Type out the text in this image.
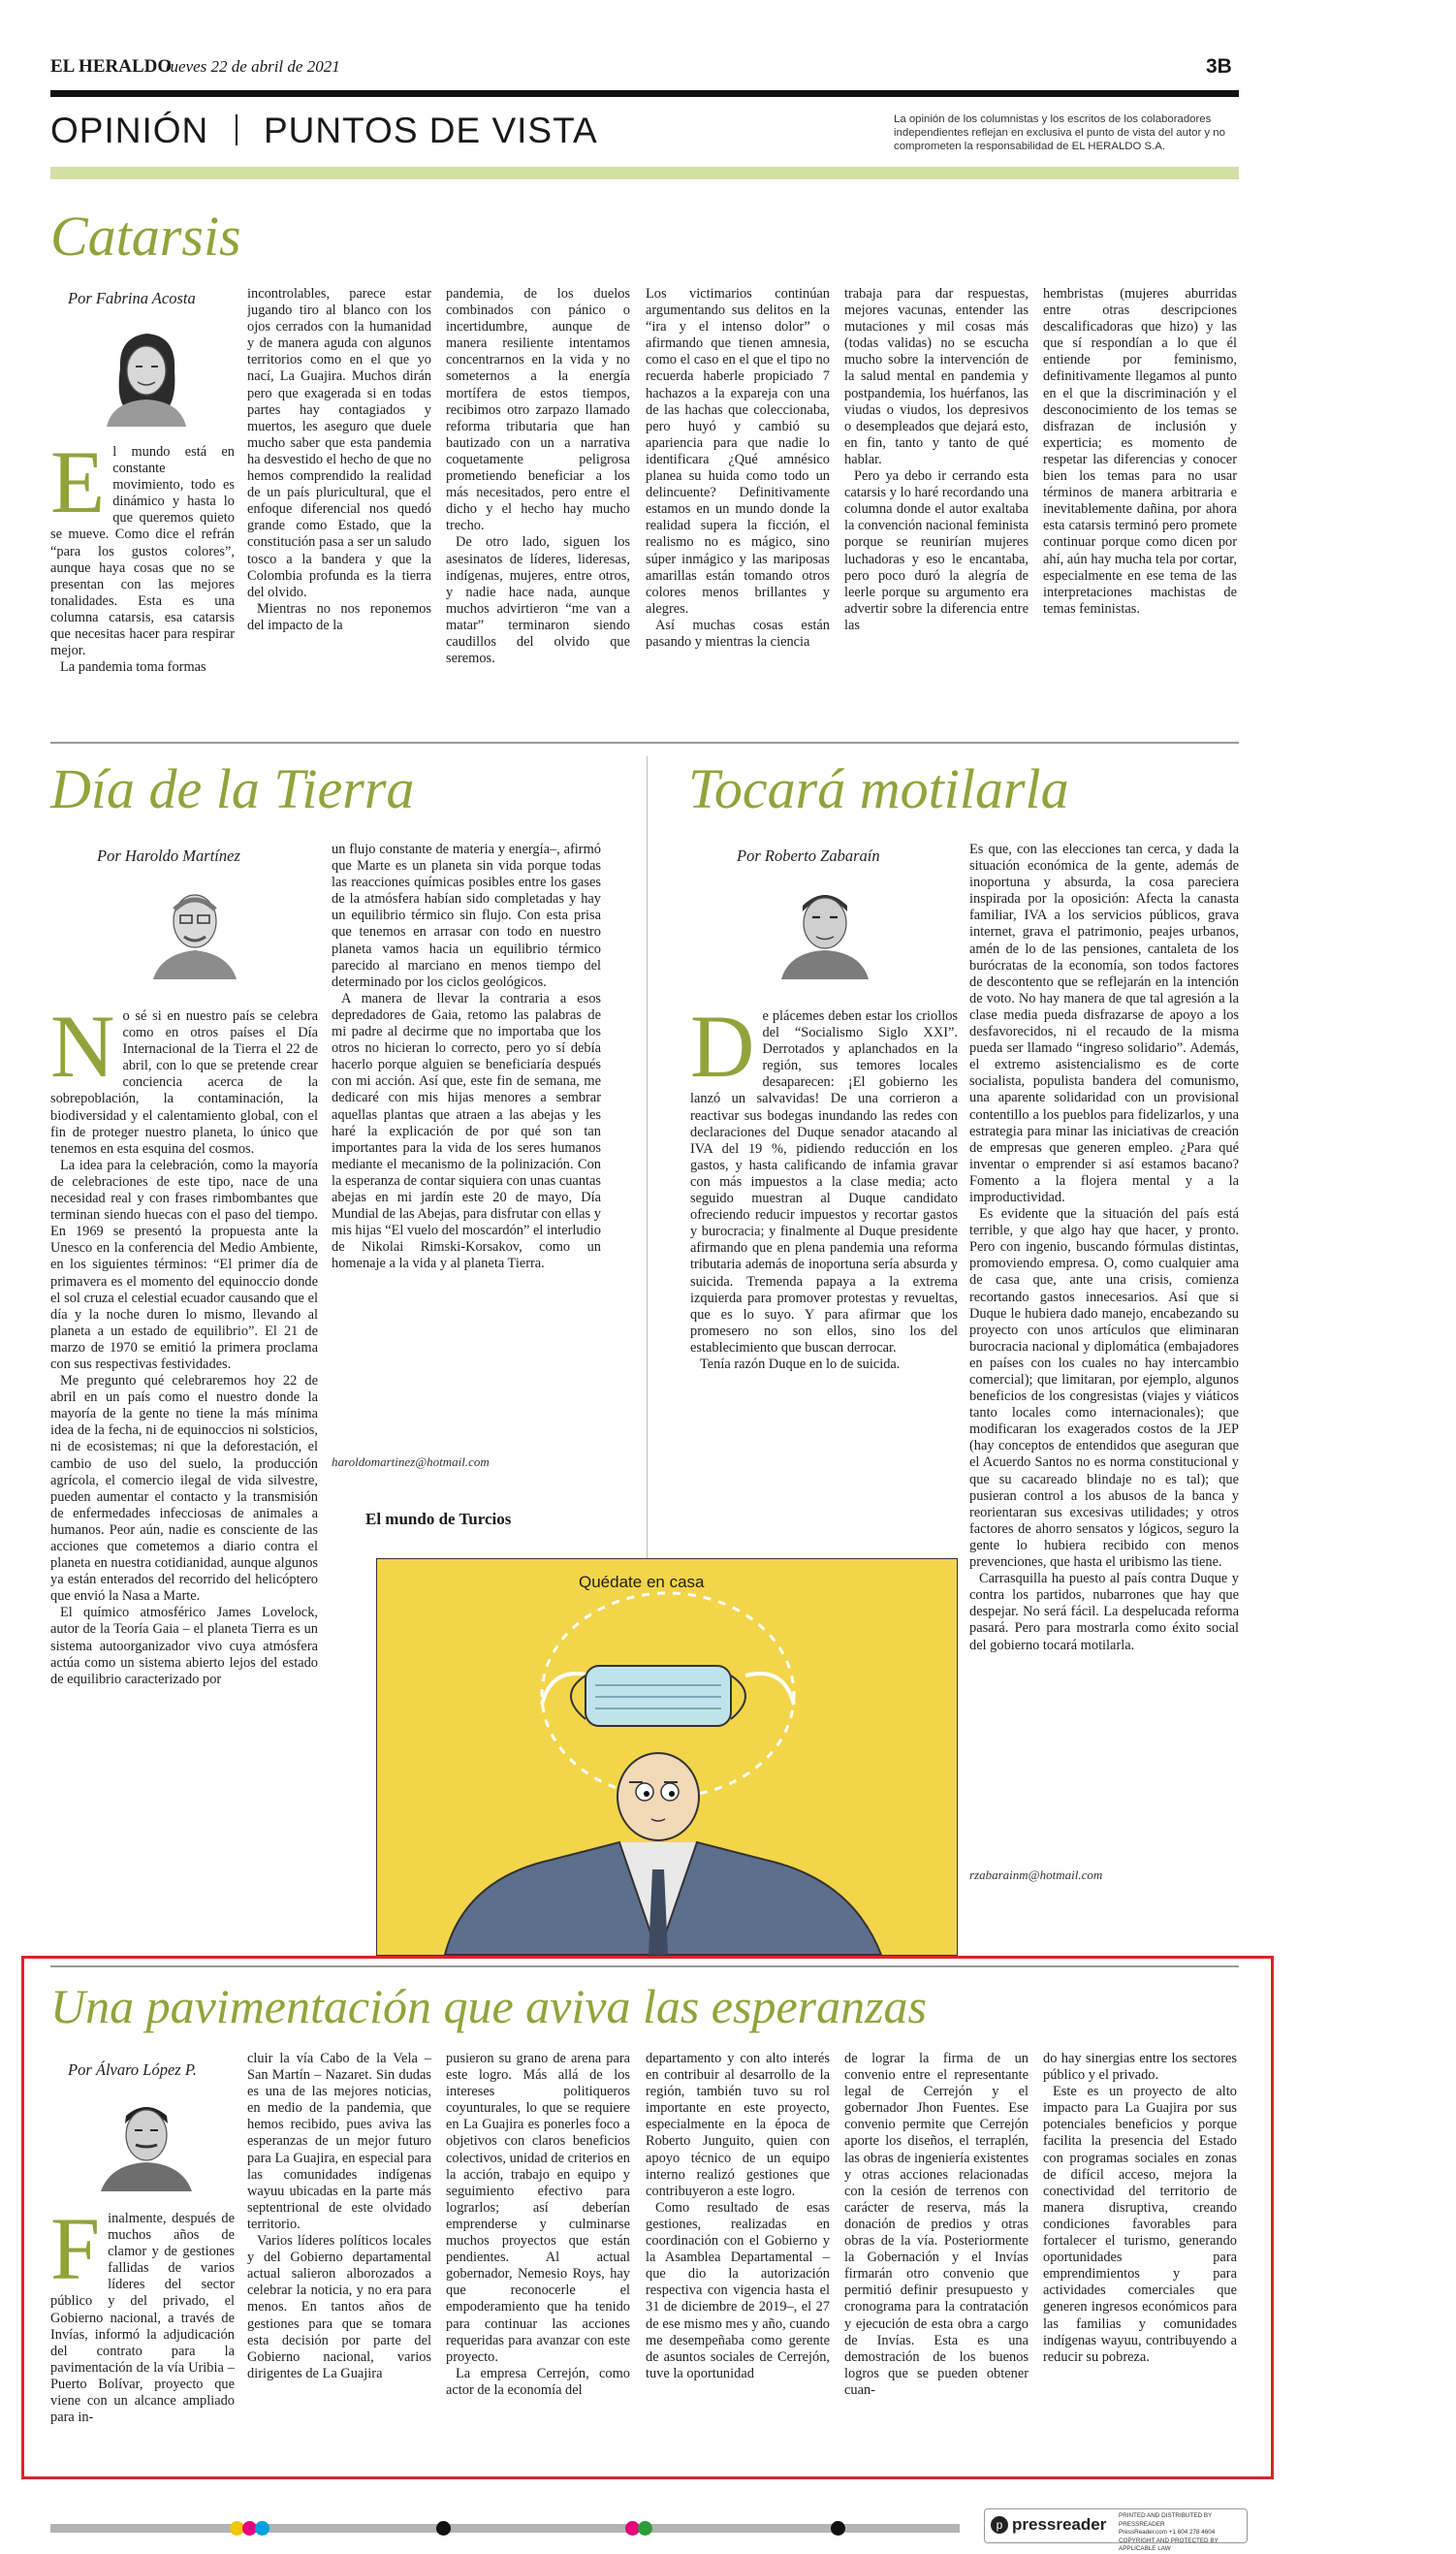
EL HERALDO
Jueves 22 de abril de 2021	3B
OPINIÓN PUNTOS DE VISTA	La opinión de los columnistas y los escritos de los colaboradores independientes reflejan en exclusiva el punto de vista del autor y no comprometen la responsabilidad de EL HERALDO S.A.
Catarsis
Por Fabrina Acosta
E l mundo está en constante movimiento, todo es dinámico y hasta lo que queremos quieto se mueve. Como dice el refrán “para los gustos colores”, aunque haya cosas que no se presentan con las mejores tonalidades. Esta es una columna catarsis, esa catarsis que necesitas hacer para respirar mejor.

La pandemia toma formas

incontrolables, parece estar jugando tiro al blanco con los ojos cerrados con la humanidad y de manera aguda con algunos territorios como en el que yo nací, La Guajira. Muchos dirán pero que exagerada si en todas partes hay contagiados y muertos, les aseguro que duele mucho saber que esta pandemia ha desvestido el hecho de que no hemos comprendido la realidad de un país pluricultural, que el enfoque diferencial nos quedó grande como Estado, que la constitución pasa a ser un saludo tosco a la bandera y que la Colombia profunda es la tierra del olvido.

Mientras no nos reponemos del impacto de la

pandemia, de los duelos combinados con pánico o incertidumbre, aunque de manera resiliente intentamos concentrarnos en la vida y no someternos a la energía mortífera de estos tiempos, recibimos otro zarpazo llamado reforma tributaria que han bautizado con un a narrativa coquetamente peligrosa prometiendo beneficiar a los más necesitados, pero entre el dicho y el hecho hay mucho trecho.

De otro lado, siguen los asesinatos de líderes, lideresas, indígenas, mujeres, entre otros, y nadie hace nada, aunque muchos advirtieron “me van a matar” terminaron siendo caudillos del olvido que seremos.

Los victimarios continúan argumentando sus delitos en la “ira y el intenso dolor” o afirmando que tienen amnesia, como el caso en el que el tipo no recuerda haberle propiciado 7 hachazos a la expareja con una de las hachas que coleccionaba, pero huyó y cambió su apariencia para que nadie lo identificara ¿Qué amnésico planea su huida como todo un delincuente? Definitivamente estamos en un mundo donde la realidad supera la ficción, el realismo no es mágico, sino súper inmágico y las mariposas amarillas están tomando otros colores menos brillantes y alegres.

Así muchas cosas están pasando y mientras la ciencia

trabaja para dar respuestas, mejores vacunas, entender las mutaciones y mil cosas más (todas validas) no se escucha mucho sobre la intervención de la salud mental en pandemia y postpandemia, los huérfanos, las viudas o viudos, los depresivos o desempleados que dejará esto, en fin, tanto y tanto de qué hablar.

Pero ya debo ir cerrando esta catarsis y lo haré recordando una columna donde el autor exaltaba la convención nacional feminista porque se reunirían mujeres luchadoras y eso le encantaba, pero poco duró la alegría de leerle porque su argumento era advertir sobre la diferencia entre las

hembristas (mujeres aburridas entre otras descripciones descalificadoras que hizo) y las que sí respondían a lo que él entiende por feminismo, definitivamente llegamos al punto en el que la discriminación y el desconocimiento de los temas se disfrazan de inclusión y experticia; es momento de respetar las diferencias y conocer bien los temas para no usar términos de manera arbitraria e inevitablemente dañina, por ahora esta catarsis terminó pero promete continuar porque como dicen por ahí, aún hay mucha tela por cortar, especialmente en ese tema de las interpretaciones machistas de temas feministas.

Día de la Tierra
Por Haroldo Martínez
N o sé si en nuestro país se celebra como en otros países el Día Internacional de la Tierra el 22 de abril, con lo que se pretende crear conciencia acerca de la sobrepoblación, la contaminación, la biodiversidad y el calentamiento global, con el fin de proteger nuestro planeta, lo único que tenemos en esta esquina del cosmos.

La idea para la celebración, como la mayoría de celebraciones de este tipo, nace de una necesidad real y con frases rimbombantes que terminan siendo huecas con el paso del tiempo. En 1969 se presentó la propuesta ante la Unesco en la conferencia del Medio Ambiente, en los siguientes términos: “El primer día de primavera es el momento del equinoccio donde el sol cruza el celestial ecuador causando que el día y la noche duren lo mismo, llevando al planeta a un estado de equilibrio”. El 21 de marzo de 1970 se emitió la primera proclama con sus respectivas festividades.

Me pregunto qué celebraremos hoy 22 de abril en un país como el nuestro donde la mayoría de la gente no tiene la más mínima idea de la fecha, ni de equinoccios ni solsticios, ni de ecosistemas; ni que la deforestación, el cambio de uso del suelo, la producción agrícola, el comercio ilegal de vida silvestre, pueden aumentar el contacto y la transmisión de enfermedades infecciosas de animales a humanos. Peor aún, nadie es consciente de las acciones que cometemos a diario contra el planeta en nuestra cotidianidad, aunque algunos ya están enterados del recorrido del helicóptero que envió la Nasa a Marte.

El químico atmosférico James Lovelock, autor de la Teoría Gaia – el planeta Tierra es un sistema autoorganizador vivo cuya atmósfera actúa como un sistema abierto lejos del estado de equilibrio caracterizado por

un flujo constante de materia y energía–, afirmó que Marte es un planeta sin vida porque todas las reacciones químicas posibles entre los gases de la atmósfera habían sido completadas y hay un equilibrio térmico sin flujo. Con esta prisa que tenemos en arrasar con todo en nuestro planeta vamos hacia un equilibrio térmico parecido al marciano en menos tiempo del determinado por los ciclos geológicos.

A manera de llevar la contraria a esos depredadores de Gaia, retomo las palabras de mi padre al decirme que no importaba que los otros no hicieran lo correcto, pero yo sí debía hacerlo porque alguien se beneficiaría después con mi acción. Así que, este fin de semana, me dedicaré con mis hijas menores a sembrar aquellas plantas que atraen a las abejas y les haré la explicación de por qué son tan importantes para la vida de los seres humanos mediante el mecanismo de la polinización. Con la esperanza de contar siquiera con unas cuantas abejas en mi jardín este 20 de mayo, Día Mundial de las Abejas, para disfrutar con ellas y mis hijas “El vuelo del moscardón” el interludio de Nikolai Rimski-Korsakov, como un homenaje a la vida y al planeta Tierra.

haroldomartinez@hotmail.com
Tocará motilarla
Por Roberto Zabaraín
D e plácemes deben estar los criollos del “Socialismo Siglo XXI”. Derrotados y aplanchados en la región, sus temores locales desaparecen: ¡El gobierno les lanzó un salvavidas! De una corrieron a reactivar sus bodegas inundando las redes con declaraciones del Duque senador atacando al IVA del 19 %, pidiendo reducción en los gastos, y hasta calificando de infamia gravar con más impuestos a la clase media; acto seguido muestran al Duque candidato ofreciendo reducir impuestos y recortar gastos y burocracia; y finalmente al Duque presidente afirmando que en plena pandemia una reforma tributaria además de inoportuna sería absurda y suicida. Tremenda papaya a la extrema izquierda para promover protestas y revueltas, que es lo suyo. Y para afirmar que los promesero no son ellos, sino los del establecimiento que buscan derrocar.

Tenía razón Duque en lo de suicida.

Es que, con las elecciones tan cerca, y dada la situación económica de la gente, además de inoportuna y absurda, la cosa pareciera inspirada por la oposición: Afecta la canasta familiar, IVA a los servicios públicos, grava internet, grava el patrimonio, peajes urbanos, amén de lo de las pensiones, cantaleta de los burócratas de la economía, son todos factores de descontento que se reflejarán en la intención de voto. No hay manera de que tal agresión a la clase media pueda disfrazarse de apoyo a los desfavorecidos, ni el recaudo de la misma pueda ser llamado “ingreso solidario”. Además, el extremo asistencialismo es de corte socialista, populista bandera del comunismo, una aparente solidaridad con un provisional contentillo a los pueblos para fidelizarlos, y una estrategia para minar las iniciativas de creación de empresas que generen empleo. ¿Para qué inventar o emprender si así estamos bacano? Fomento a la flojera mental y a la improductividad.

Es evidente que la situación del país está terrible, y que algo hay que hacer, y pronto. Pero con ingenio, buscando fórmulas distintas, promoviendo empresa. O, como cualquier ama de casa que, ante una crisis, comienza recortando gastos innecesarios. Así que si Duque le hubiera dado manejo, encabezando su proyecto con unos artículos que eliminaran burocracia nacional y diplomática (embajadores en países con los cuales no hay intercambio comercial); que limitaran, por ejemplo, algunos beneficios de los congresistas (viajes y viáticos tanto locales como internacionales); que modificaran los exagerados costos de la JEP (hay conceptos de entendidos que aseguran que el Acuerdo Santos no es norma constitucional y que su cacareado blindaje no es tal); que pusieran control a los abusos de la banca y reorientaran sus excesivas utilidades; y otros factores de ahorro sensatos y lógicos, seguro la gente lo hubiera recibido con menos prevenciones, que hasta el uribismo las tiene.

Carrasquilla ha puesto al país contra Duque y contra los partidos, nubarrones que hay que despejar. No será fácil. La despelucada reforma pasará. Pero para mostrarla como éxito social del gobierno tocará motilarla.

rzabarainm@hotmail.com
El mundo de Turcios
Quédate en casa
Una pavimentación que aviva las esperanzas
Por Álvaro López P.
F inalmente, después de muchos años de clamor y de gestiones fallidas de varios líderes del sector público y del privado, el Gobierno nacional, a través de Invías, informó la adjudicación del contrato para la pavimentación de la vía Uribia – Puerto Bolívar, proyecto que viene con un alcance ampliado para in-

cluir la vía Cabo de la Vela – San Martín – Nazaret. Sin dudas es una de las mejores noticias, en medio de la pandemia, que hemos recibido, pues aviva las esperanzas de un mejor futuro para La Guajira, en especial para las comunidades indígenas wayuu ubicadas en la parte más septentrional de este olvidado territorio.

Varios líderes políticos locales y del Gobierno departamental actual salieron alborozados a celebrar la noticia, y no era para menos. En tantos años de gestiones para que se tomara esta decisión por parte del Gobierno nacional, varios dirigentes de La Guajira

pusieron su grano de arena para este logro. Más allá de los intereses politiqueros coyunturales, lo que se requiere en La Guajira es ponerles foco a objetivos con claros beneficios colectivos, unidad de criterios en la acción, trabajo en equipo y seguimiento efectivo para lograrlos; así deberían emprenderse y culminarse muchos proyectos que están pendientes. Al actual gobernador, Nemesio Roys, hay que reconocerle el empoderamiento que ha tenido para continuar las acciones requeridas para avanzar con este proyecto.

La empresa Cerrejón, como actor de la economía del

departamento y con alto interés en contribuir al desarrollo de la región, también tuvo su rol importante en este proyecto, especialmente en la época de Roberto Junguito, quien con apoyo técnico de un equipo interno realizó gestiones que contribuyeron a este logro.

Como resultado de esas gestiones, realizadas en coordinación con el Gobierno y la Asamblea Departamental –que dio la autorización respectiva con vigencia hasta el 31 de diciembre de 2019–, el 27 de ese mismo mes y año, cuando me desempeñaba como gerente de asuntos sociales de Cerrejón, tuve la oportunidad

de lograr la firma de un convenio entre el representante legal de Cerrejón y el gobernador Jhon Fuentes. Ese convenio permite que Cerrejón aporte los diseños, el terraplén, las obras de ingeniería existentes y otras acciones relacionadas con la cesión de terrenos con carácter de reserva, más la donación de predios y otras obras de la vía. Posteriormente la Gobernación y el Invías firmarán otro convenio que permitió definir presupuesto y cronograma para la contratación y ejecución de esta obra a cargo de Invías. Esta es una demostración de los buenos logros que se pueden obtener cuan-

do hay sinergias entre los sectores público y el privado.

Este es un proyecto de alto impacto para La Guajira por sus potenciales beneficios y porque facilita la presencia del Estado con programas sociales en zonas de difícil acceso, mejora la conectividad del territorio de manera disruptiva, creando condiciones favorables para fortalecer el turismo, generando oportunidades para emprendimientos y para actividades comerciales que generen ingresos económicos para las familias y comunidades indígenas wayuu, contribuyendo a reducir su pobreza.

p pressreader PRINTED AND DISTRIBUTED BY PRESSREADER
PressReader.com +1 604 278 4604
COPYRIGHT AND PROTECTED BY APPLICABLE LAW
